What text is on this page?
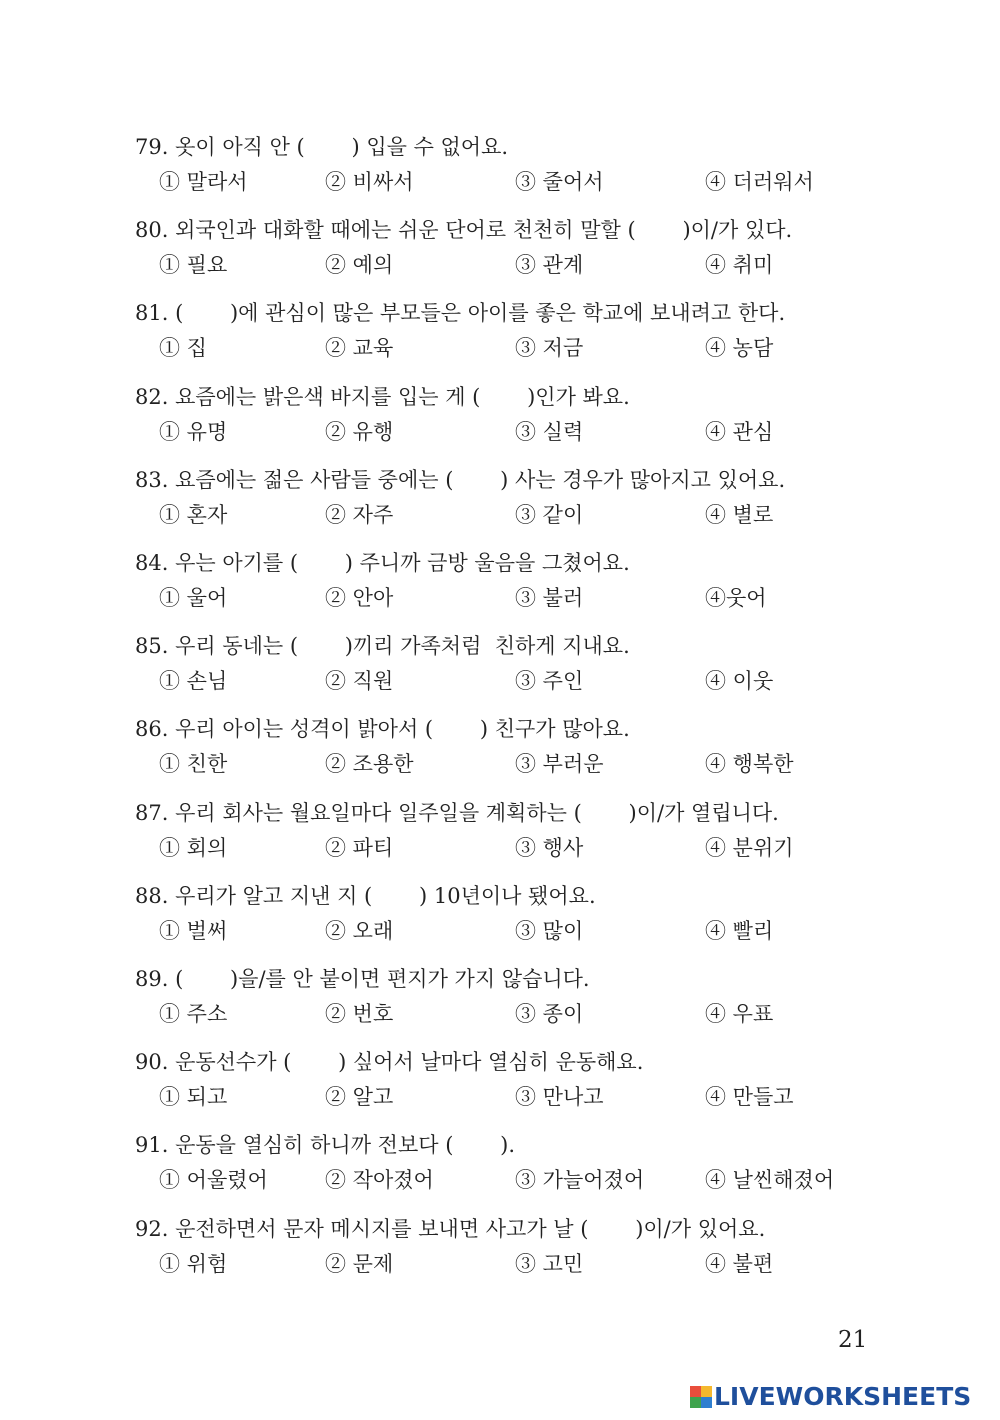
79. 옷이 아직 안 (       ) 입을 수 없어요.
① 말라서	② 비싸서	③ 줄어서	④ 더러워서
80. 외국인과 대화할 때에는 쉬운 단어로 천천히 말할 (       )이/가 있다.
① 필요	② 예의	③ 관계	④ 취미
81. (       )에 관심이 많은 부모들은 아이를 좋은 학교에 보내려고 한다.
① 집	② 교육	③ 저금	④ 농담
82. 요즘에는 밝은색 바지를 입는 게 (       )인가 봐요.
① 유명	② 유행	③ 실력	④ 관심
83. 요즘에는 젊은 사람들 중에는 (       ) 사는 경우가 많아지고 있어요.
① 혼자	② 자주	③ 같이	④ 별로
84. 우는 아기를 (       ) 주니까 금방 울음을 그쳤어요.
① 울어	② 안아	③ 불러	④웃어
85. 우리 동네는 (       )끼리 가족처럼  친하게 지내요.
① 손님	② 직원	③ 주인	④ 이웃
86. 우리 아이는 성격이 밝아서 (       ) 친구가 많아요.
① 친한	② 조용한	③ 부러운	④ 행복한
87. 우리 회사는 월요일마다 일주일을 계획하는 (       )이/가 열립니다.
① 회의	② 파티	③ 행사	④ 분위기
88. 우리가 알고 지낸 지 (       ) 10년이나 됐어요.
① 벌써	② 오래	③ 많이	④ 빨리
89. (       )을/를 안 붙이면 편지가 가지 않습니다.
① 주소	② 번호	③ 종이	④ 우표
90. 운동선수가 (       ) 싶어서 날마다 열심히 운동해요.
① 되고	② 알고	③ 만나고	④ 만들고
91. 운동을 열심히 하니까 전보다 (       ).
① 어울렸어	② 작아졌어	③ 가늘어졌어	④ 날씬해졌어
92. 운전하면서 문자 메시지를 보내면 사고가 날 (       )이/가 있어요.
① 위험	② 문제	③ 고민	④ 불편
21
LIVEWORKSHEETS
